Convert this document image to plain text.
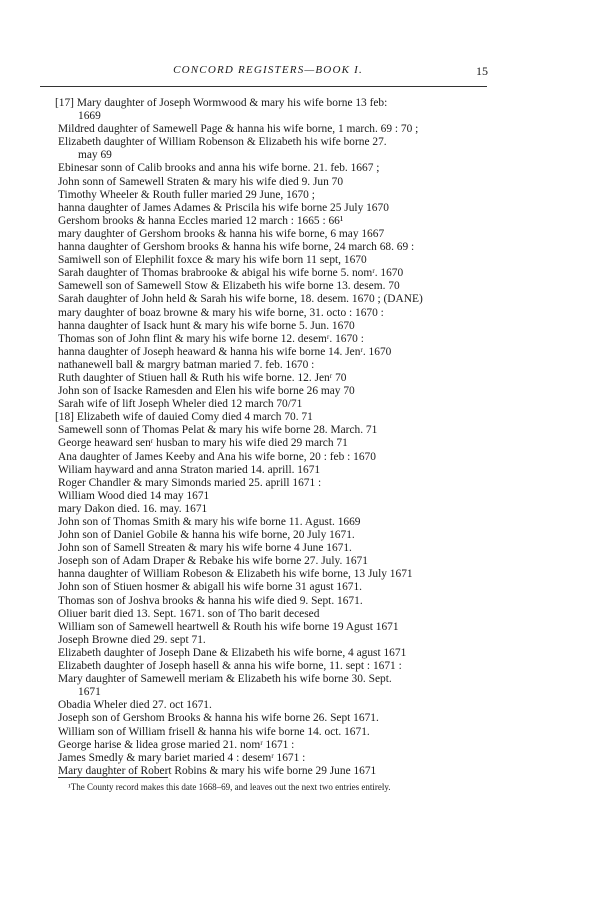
CONCORD REGISTERS—BOOK I.	15
[17] Mary daughter of Joseph Wormwood & mary his wife borne 13 feb:
1669
Mildred daughter of Samewell Page & hanna his wife borne, 1 march. 69 : 70 ;
Elizabeth daughter of William Robenson & Elizabeth his wife borne 27.
may 69
Ebinesar sonn of Calib brooks and anna his wife borne. 21. feb. 1667 ;
John sonn of Samewell Straten & mary his wife died 9. Jun 70
Timothy Wheeler & Routh fuller maried 29 June, 1670 ;
hanna daughter of James Adames & Priscila his wife borne 25 July 1670
Gershom brooks & hanna Eccles maried 12 march : 1665 : 66¹
mary daughter of Gershom brooks & hanna his wife borne, 6 may 1667
hanna daughter of Gershom brooks & hanna his wife borne, 24 march 68. 69 :
Samiwell son of Elephilit foxce & mary his wife born 11 sept, 1670
Sarah daughter of Thomas brabrooke & abigal his wife borne 5. nomʳ. 1670
Samewell son of Samewell Stow & Elizabeth his wife borne 13. desem. 70
Sarah daughter of John held & Sarah his wife borne, 18. desem. 1670 ; (DANE)
mary daughter of boaz browne & mary his wife borne, 31. octo : 1670 :
hanna daughter of Isack hunt & mary his wife borne 5. Jun. 1670
Thomas son of John flint & mary his wife borne 12. desemʳ. 1670 :
hanna daughter of Joseph heaward & hanna his wife borne 14. Jenʳ. 1670
nathanewell ball & margry batman maried 7. feb. 1670 :
Ruth daughter of Stiuen hall & Ruth his wife borne. 12. Jenʳ 70
John son of Isacke Ramesden and Elen his wife borne 26 may 70
Sarah wife of lift Joseph Wheler died 12 march 70/71
[18] Elizabeth wife of dauied Comy died 4 march 70. 71
Samewell sonn of Thomas Pelat & mary his wife borne 28. March. 71
George heaward senʳ husban to mary his wife died 29 march 71
Ana daughter of James Keeby and Ana his wife borne, 20 : feb : 1670
Wiliam hayward and anna Straton maried 14. aprill. 1671
Roger Chandler & mary Simonds maried 25. aprill 1671 :
William Wood died 14 may 1671
mary Dakon died. 16. may. 1671
John son of Thomas Smith & mary his wife borne 11. Agust. 1669
John son of Daniel Gobile & hanna his wife borne, 20 July 1671.
John son of Samell Streaten & mary his wife borne 4 June 1671.
Joseph son of Adam Draper & Rebake his wife borne 27. July. 1671
hanna daughter of William Robeson & Elizabeth his wife borne, 13 July 1671
John son of Stiuen hosmer & abigall his wife borne 31 agust 1671.
Thomas son of Joshva brooks & hanna his wife died 9. Sept. 1671.
Oliuer barit died 13. Sept. 1671. son of Tho barit decesed
William son of Samewell heartwell & Routh his wife borne 19 Agust 1671
Joseph Browne died 29. sept 71.
Elizabeth daughter of Joseph Dane & Elizabeth his wife borne, 4 agust 1671
Elizabeth daughter of Joseph hasell & anna his wife borne, 11. sept : 1671 :
Mary daughter of Samewell meriam & Elizabeth his wife borne 30. Sept.
1671
Obadia Wheler died 27. oct 1671.
Joseph son of Gershom Brooks & hanna his wife borne 26. Sept 1671.
William son of William frisell & hanna his wife borne 14. oct. 1671.
George harise & lidea grose maried 21. nomʳ 1671 :
James Smedly & mary bariet maried 4 : desemʳ 1671 :
Mary daughter of Robert Robins & mary his wife borne 29 June 1671
¹The County record makes this date 1668–69, and leaves out the next two entries entirely.
